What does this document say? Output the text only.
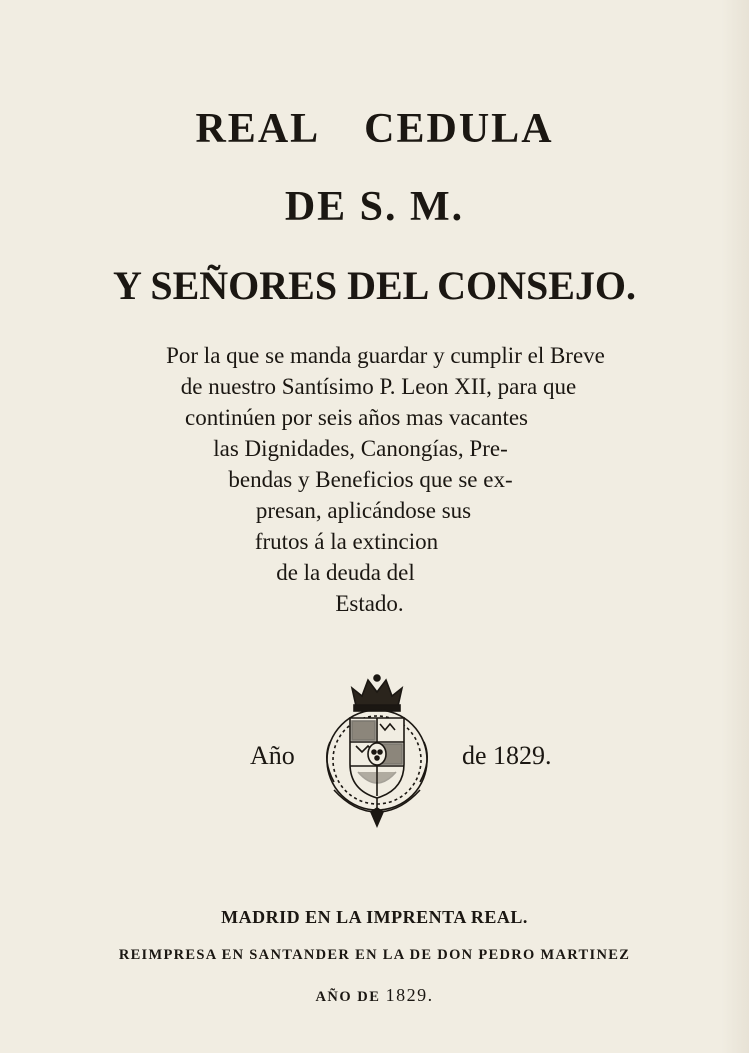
REAL CEDULA
DE S. M.
Y SEÑORES DEL CONSEJO.
Por la que se manda guardar y cumplir el Breve
de nuestro Santísimo P. Leon XII, para que
continúen por seis años mas vacantes
las Dignidades, Canongías, Pre-
bendas y Beneficios que se ex-
presan, aplicándose sus
frutos á la extincion
de la deuda del
Estado.
Año	de 1829.
MADRID EN LA IMPRENTA REAL.
REIMPRESA EN SANTANDER EN LA DE DON PEDRO MARTINEZ
AÑO DE 1829.
